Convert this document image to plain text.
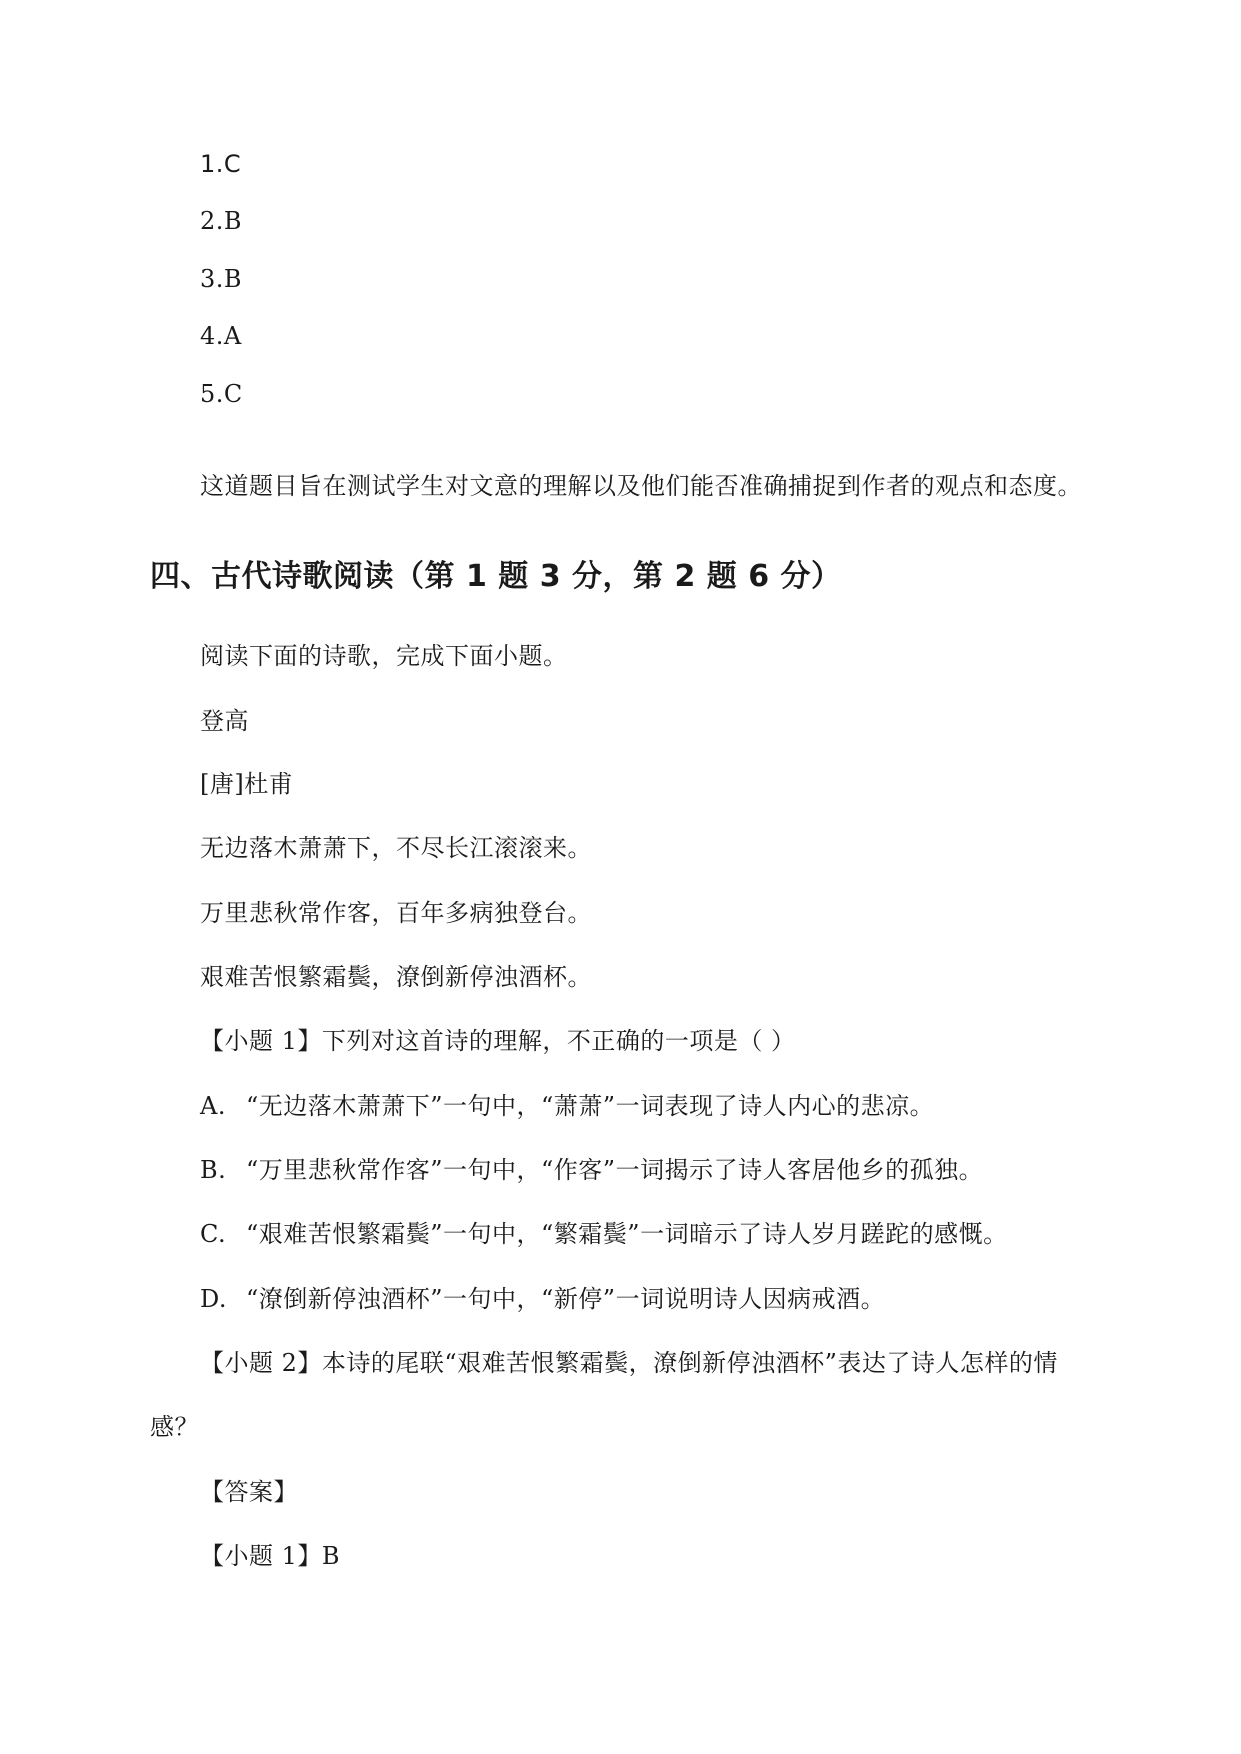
1.C
2.B
3.B
4.A
5.C
这道题目旨在测试学生对文意的理解以及他们能否准确捕捉到作者的观点和态度。
四、古代诗歌阅读（第 1 题 3 分，第 2 题 6 分）
阅读下面的诗歌，完成下面小题。
登高
[唐]杜甫
无边落木萧萧下，不尽长江滚滚来。
万里悲秋常作客，百年多病独登台。
艰难苦恨繁霜鬓，潦倒新停浊酒杯。
【小题 1】下列对这首诗的理解，不正确的一项是（ ）
A. “无边落木萧萧下”一句中，“萧萧”一词表现了诗人内心的悲凉。
B. “万里悲秋常作客”一句中，“作客”一词揭示了诗人客居他乡的孤独。
C. “艰难苦恨繁霜鬓”一句中，“繁霜鬓”一词暗示了诗人岁月蹉跎的感慨。
D. “潦倒新停浊酒杯”一句中，“新停”一词说明诗人因病戒酒。
【小题 2】本诗的尾联“艰难苦恨繁霜鬓，潦倒新停浊酒杯”表达了诗人怎样的情
感？
【答案】
【小题 1】B
